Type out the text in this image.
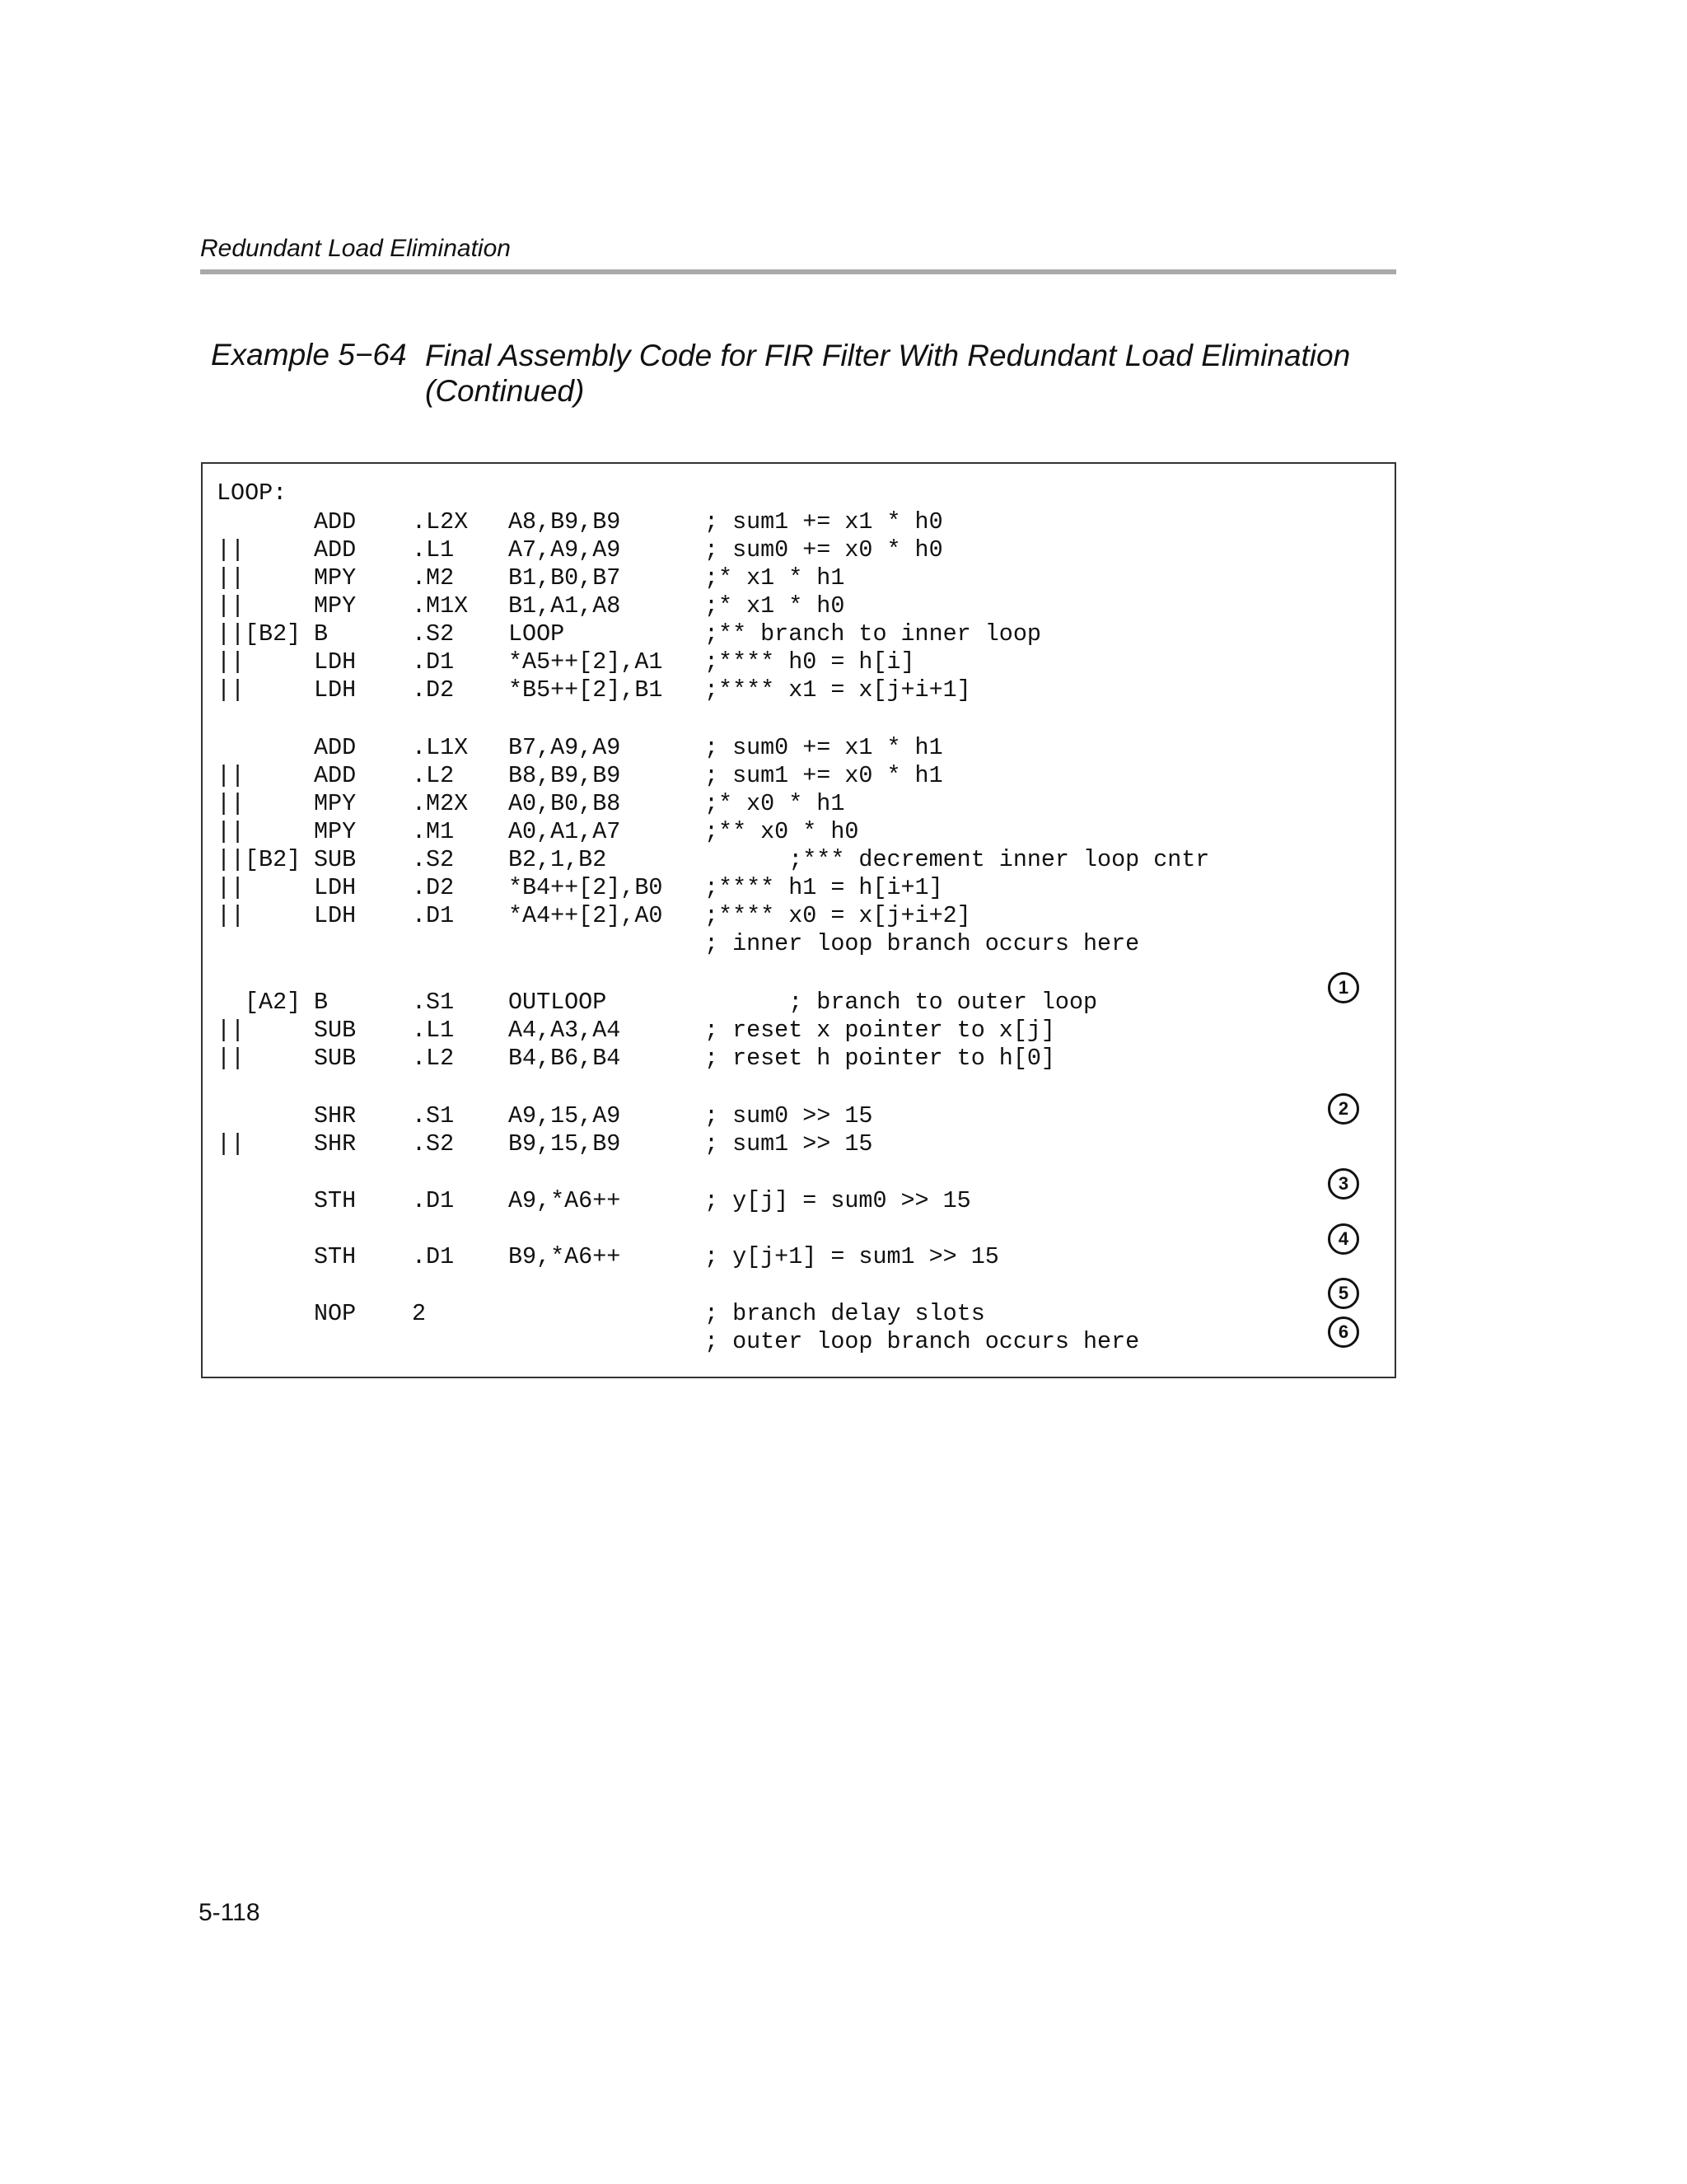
Redundant Load Elimination
Example 5−64 Final Assembly Code for FIR Filter With Redundant Load Elimination
(Continued)
LOOP:
ADD .L2X A8,B9,B9	; sum1 += x1 * h0
||	ADD .L1 A7,A9,A9	; sum0 += x0 * h0
||	MPY .M2 B1,B0,B7	;* x1 * h1
||	MPY .M1X B1,A1,A8	;* x1 * h0
|| [B2] B	.S2 LOOP	;** branch to inner loop
||	LDH .D1 *A5++[2],A1 ;**** h0 = h[i]
||	LDH .D2 *B5++[2],B1 ;**** x1 = x[j+i+1]
ADD .L1X B7,A9,A9	; sum0 += x1 * h1
||	ADD .L2 B8,B9,B9	; sum1 += x0 * h1
||	MPY .M2X A0,B0,B8	;* x0 * h1
||	MPY .M1 A0,A1,A7	;** x0 * h0
|| [B2] SUB .S2 B2,1,B2	;*** decrement inner loop cntr
||	LDH .D2 *B4++[2],B0 ;**** h1 = h[i+1]
||	LDH .D1 *A4++[2],A0 ;**** x0 = x[j+i+2]
; inner loop branch occurs here
[A2] B	.S1 OUTLOOP	; branch to outer loop
||	SUB .L1 A4,A3,A4	; reset x pointer to x[j]
||	SUB .L2 B4,B6,B4	; reset h pointer to h[0]
SHR .S1 A9,15,A9	; sum0 >> 15
||	SHR .S2 B9,15,B9	; sum1 >> 15
STH .D1 A9,*A6++	; y[j] = sum0 >> 15
STH .D1 B9,*A6++	; y[j+1] = sum1 >> 15
NOP 2	; branch delay slots
; outer loop branch occurs here
1
2
3
4
5
6
5-118
